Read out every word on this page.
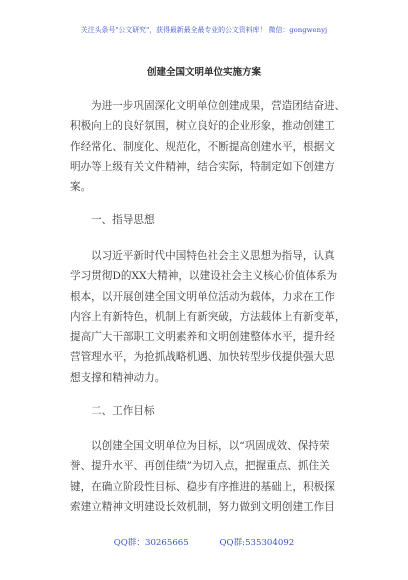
关注头条号"公文研究"，获得最新最全最专业的公文资料库！ 微信：gongwenyj
创建全国文明单位实施方案
为进一步巩固深化文明单位创建成果，营造团结奋进、
积极向上的良好氛围，树立良好的企业形象，推动创建工
作经常化、制度化、规范化，不断提高创建水平，根据文
明办等上级有关文件精神，结合实际，特制定如下创建方
案。
一、指导思想
以习近平新时代中国特色社会主义思想为指导，认真
学习贯彻D的XX大精神，以建设社会主义核心价值体系为
根本，以开展创建全国文明单位活动为载体，力求在工作
内容上有新特色，机制上有新突破，方法载体上有新变革，
提高广大干部职工文明素养和文明创建整体水平，提升经
营管理水平，为抢抓战略机遇、加快转型步伐提供强大思
想支撑和精神动力。
二、工作目标
以创建全国文明单位为目标，以“巩固成效、保持荣
誉、提升水平、再创佳绩”为切入点，把握重点、抓住关
键，在确立阶段性目标、稳步有序推进的基础上，积极探
索建立精神文明建设长效机制，努力做到文明创建工作目
QQ群：30265665	QQ群:535304092
